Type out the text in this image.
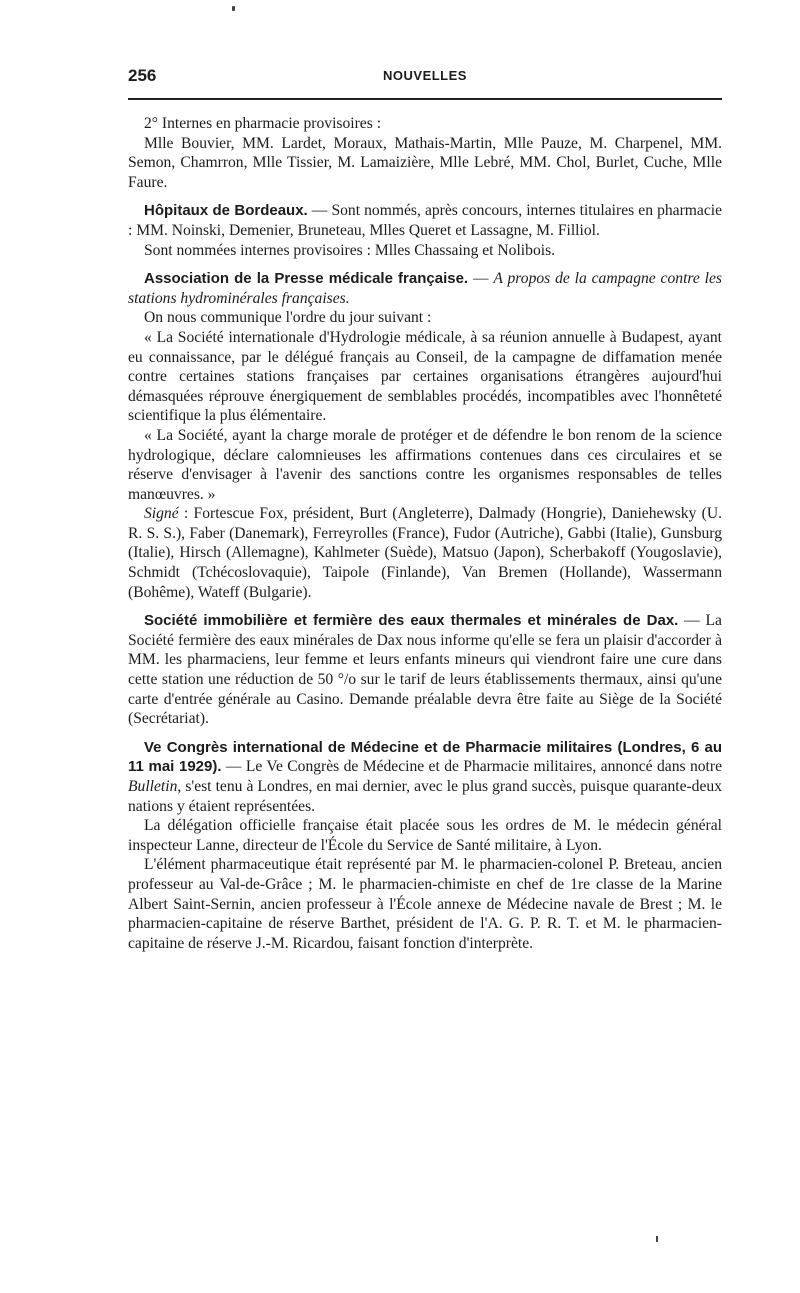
256	NOUVELLES

2° Internes en pharmacie provisoires :

Mlle Bouvier, MM. Lardet, Moraux, Mathais-Martin, Mlle Pauze, M. Charpenel, MM. Semon, Chamrron, Mlle Tissier, M. Lamaizière, Mlle Lebré, MM. Chol, Burlet, Cuche, Mlle Faure.

Hôpitaux de Bordeaux. — Sont nommés, après concours, internes titulaires en pharmacie : MM. Noinski, Demenier, Bruneteau, Mlles Queret et Lassagne, M. Filliol.

Sont nommées internes provisoires : Mlles Chassaing et Nolibois.

Association de la Presse médicale française. — A propos de la campagne contre les stations hydrominérales françaises.

On nous communique l'ordre du jour suivant :

« La Société internationale d'Hydrologie médicale, à sa réunion annuelle à Budapest, ayant eu connaissance, par le délégué français au Conseil, de la campagne de diffamation menée contre certaines stations françaises par certaines organisations étrangères aujourd'hui démasquées réprouve énergiquement de semblables procédés, incompatibles avec l'honnêteté scientifique la plus élémentaire.

« La Société, ayant la charge morale de protéger et de défendre le bon renom de la science hydrologique, déclare calomnieuses les affirmations contenues dans ces circulaires et se réserve d'envisager à l'avenir des sanctions contre les organismes responsables de telles manœuvres. »

Signé : Fortescue Fox, président, Burt (Angleterre), Dalmady (Hongrie), Daniehewsky (U. R. S. S.), Faber (Danemark), Ferreyrolles (France), Fudor (Autriche), Gabbi (Italie), Gunsburg (Italie), Hirsch (Allemagne), Kahlmeter (Suède), Matsuo (Japon), Scherbakoff (Yougoslavie), Schmidt (Tchécoslovaquie), Taipole (Finlande), Van Bremen (Hollande), Wassermann (Bohême), Wateff (Bulgarie).

Société immobilière et fermière des eaux thermales et minérales de Dax. — La Société fermière des eaux minérales de Dax nous informe qu'elle se fera un plaisir d'accorder à MM. les pharmaciens, leur femme et leurs enfants mineurs qui viendront faire une cure dans cette station une réduction de 50 °/o sur le tarif de leurs établissements thermaux, ainsi qu'une carte d'entrée générale au Casino. Demande préalable devra être faite au Siège de la Société (Secrétariat).

Ve Congrès international de Médecine et de Pharmacie militaires (Londres, 6 au 11 mai 1929). — Le Ve Congrès de Médecine et de Pharmacie militaires, annoncé dans notre Bulletin, s'est tenu à Londres, en mai dernier, avec le plus grand succès, puisque quarante-deux nations y étaient représentées.

La délégation officielle française était placée sous les ordres de M. le médecin général inspecteur Lanne, directeur de l'École du Service de Santé militaire, à Lyon.

L'élément pharmaceutique était représenté par M. le pharmacien-colonel P. Breteau, ancien professeur au Val-de-Grâce ; M. le pharmacien-chimiste en chef de 1re classe de la Marine Albert Saint-Sernin, ancien professeur à l'École annexe de Médecine navale de Brest ; M. le pharmacien-capitaine de réserve Barthet, président de l'A. G. P. R. T. et M. le pharmacien-capitaine de réserve J.-M. Ricardou, faisant fonction d'interprète.
